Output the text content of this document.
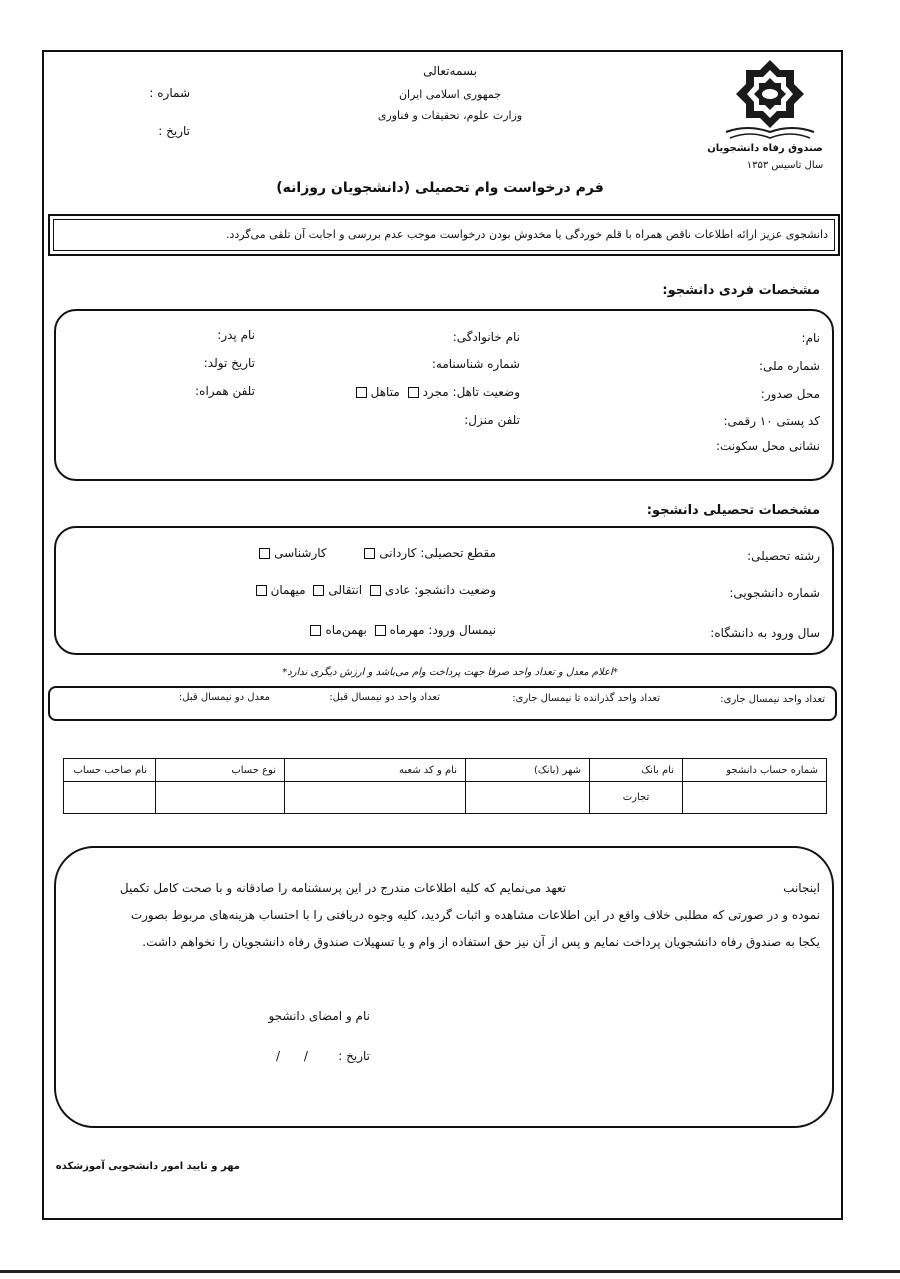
بسمه‌تعالی
جمهوری اسلامی ایران
وزارت علوم، تحقیقات و فناوری
شماره :
تاریخ :
صندوق رفاه دانشجویان
سال تاسیس ۱۳۵۳
فرم درخواست وام تحصیلی (دانشجویان روزانه)
دانشجوی عزیز ارائه اطلاعات ناقص همراه با قلم خوردگی یا مخدوش بودن درخواست موجب عدم بررسی و اجابت آن تلقی می‌گردد.
مشخصات فردی دانشجو:
نام:
نام خانوادگی:
نام پدر:
شماره ملی:
شماره شناسنامه:
تاریخ تولد:
محل صدور:
وضعیت تاهل: مجرد متاهل
تلفن همراه:
کد پستی ۱۰ رقمی:
تلفن منزل:
نشانی محل سکونت:
مشخصات تحصیلی دانشجو:
رشته تحصیلی:
مقطع تحصیلی: کاردانی  کارشناسی
شماره دانشجویی:
وضعیت دانشجو: عادی انتقالی میهمان
سال ورود به دانشگاه:
نیمسال ورود: مهرماه بهمن‌ماه
*اعلام معدل و تعداد واحد صرفا جهت پرداخت وام می‌باشد و ارزش دیگری ندارد*
تعداد واحد نیمسال جاری:
تعداد واحد گذرانده تا نیمسال جاری:
تعداد واحد دو نیمسال قبل:
معدل دو نیمسال قبل:
شماره حساب دانشجو	نام بانک	شهر (بانک)	نام و کد شعبه	نوع حساب	نام صاحب حساب
	تجارت				
اینجانب
تعهد می‌نمایم که کلیه اطلاعات مندرج در این پرسشنامه را صادقانه و با صحت کامل تکمیل
نموده و در صورتی که مطلبی خلاف واقع در این اطلاعات مشاهده و اثبات گردید، کلیه وجوه دریافتی را با احتساب هزینه‌های مربوط بصورت
یکجا به صندوق رفاه دانشجویان پرداخت نمایم و پس از آن نیز حق استفاده از وام و یا تسهیلات صندوق رفاه دانشجویان را نخواهم داشت.
نام و امضای دانشجو
تاریخ :
/ /
مهر و تایید امور دانشجویی آموزشکده
